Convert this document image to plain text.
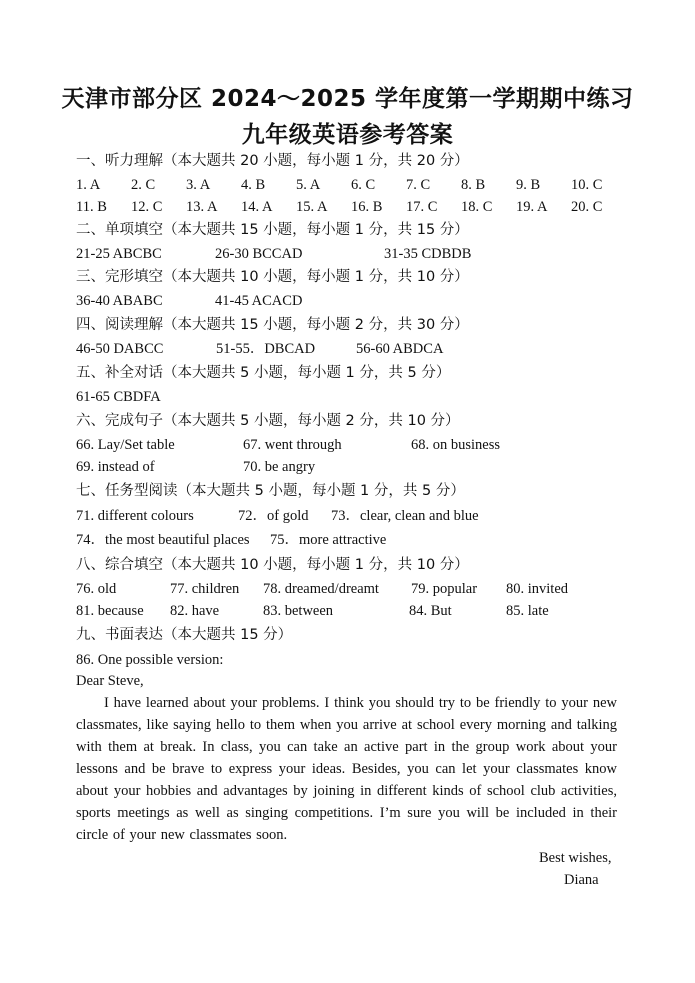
天津市部分区 2024～2025 学年度第一学期期中练习
九年级英语参考答案
一、听力理解（本大题共 20 小题，每小题 1 分，共 20 分）
1. A 2. C 3. A 4. B 5. A 6. C 7. C 8. B 9. B 10. C
11. B 12. C 13. A 14. A 15. A 16. B 17. C 18. C 19. A 20. C
二、单项填空（本大题共 15 小题，每小题 1 分，共 15 分）
21-25 ABCBC	26-30 BCCAD	31-35 CDBDB
三、完形填空（本大题共 10 小题，每小题 1 分，共 10 分）
36-40 ABABC	41-45 ACACD
四、阅读理解（本大题共 15 小题，每小题 2 分，共 30 分）
46-50 DABCC	51-55．DBCAD	56-60 ABDCA
五、补全对话（本大题共 5 小题，每小题 1 分，共 5 分）
61-65 CBDFA
六、完成句子（本大题共 5 小题，每小题 2 分，共 10 分）
66. Lay/Set table	67. went through	68. on business
69. instead of	70. be angry
七、任务型阅读（本大题共 5 小题，每小题 1 分，共 5 分）
71. different colours	72．of gold 73．clear, clean and blue
74．the most beautiful places 75．more attractive
八、综合填空（本大题共 10 小题，每小题 1 分，共 10 分）
76. old	77. children 78. dreamed/dreamt 79. popular 80. invited
81. because 82. have	83. between	84. But	85. late
九、书面表达（本大题共 15 分）
86. One possible version:
Dear Steve,
I have learned about your problems. I think you should try to be friendly to your new classmates, like saying hello to them when you arrive at school every morning and talking with them at break. In class, you can take an active part in the group work about your lessons and be brave to express your ideas. Besides, you can let your classmates know about your hobbies and advantages by joining in different kinds of school club activities, sports meetings as well as singing competitions. I’m sure you will be included in their circle of your new classmates soon.
Best wishes,
Diana
